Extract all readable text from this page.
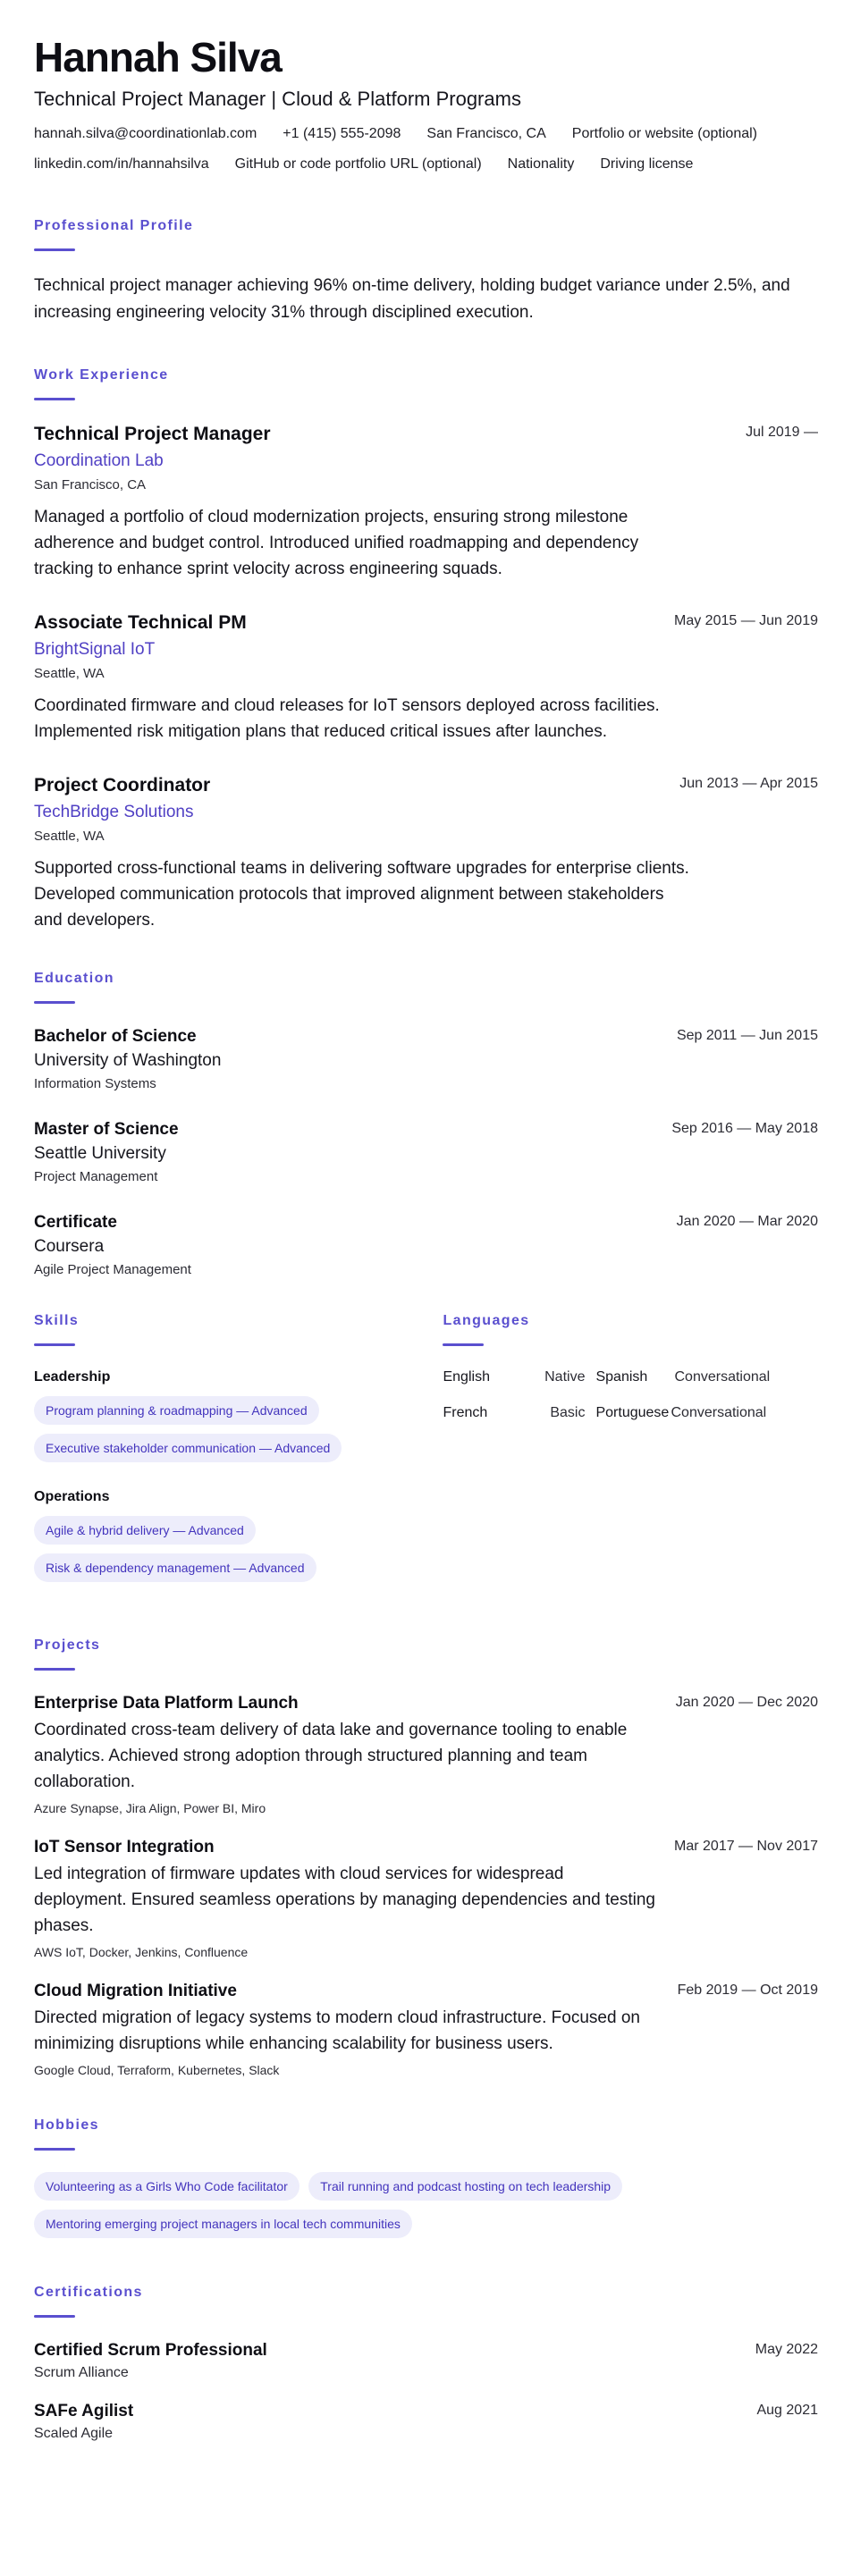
Hannah Silva
Technical Project Manager | Cloud & Platform Programs
hannah.silva@coordinationlab.com +1 (415) 555-2098 San Francisco, CA Portfolio or website (optional)
linkedin.com/in/hannahsilva GitHub or code portfolio URL (optional) Nationality Driving license
Professional Profile

Technical project manager achieving 96% on-time delivery, holding budget variance under 2.5%, and increasing engineering velocity 31% through disciplined execution.

Work Experience
Technical Project Manager
Coordination Lab
San Francisco, CA

Managed a portfolio of cloud modernization projects, ensuring strong milestone adherence and budget control. Introduced unified roadmapping and dependency tracking to enhance sprint velocity across engineering squads.

Jul 2019 —
Associate Technical PM
BrightSignal IoT
Seattle, WA

Coordinated firmware and cloud releases for IoT sensors deployed across facilities. Implemented risk mitigation plans that reduced critical issues after launches.

May 2015 — Jun 2019
Project Coordinator
TechBridge Solutions
Seattle, WA

Supported cross-functional teams in delivering software upgrades for enterprise clients. Developed communication protocols that improved alignment between stakeholders and developers.

Jun 2013 — Apr 2015
Education
Bachelor of Science
University of Washington
Information Systems
Sep 2011 — Jun 2015
Master of Science
Seattle University
Project Management
Sep 2016 — May 2018
Certificate
Coursera
Agile Project Management
Jan 2020 — Mar 2020
Skills
Leadership
Program planning & roadmapping — Advanced
Executive stakeholder communication — Advanced
Operations
Agile & hybrid delivery — Advanced
Risk & dependency management — Advanced
Languages
English	Native Spanish	Conversational
French	Basic Portuguese Conversational
Projects
Enterprise Data Platform Launch

Coordinated cross-team delivery of data lake and governance tooling to enable analytics. Achieved strong adoption through structured planning and team collaboration.

Azure Synapse, Jira Align, Power BI, Miro
Jan 2020 — Dec 2020
IoT Sensor Integration

Led integration of firmware updates with cloud services for widespread deployment. Ensured seamless operations by managing dependencies and testing phases.

AWS IoT, Docker, Jenkins, Confluence
Mar 2017 — Nov 2017
Cloud Migration Initiative

Directed migration of legacy systems to modern cloud infrastructure. Focused on minimizing disruptions while enhancing scalability for business users.

Google Cloud, Terraform, Kubernetes, Slack
Feb 2019 — Oct 2019
Hobbies
Volunteering as a Girls Who Code facilitator	Trail running and podcast hosting on tech leadership
Mentoring emerging project managers in local tech communities
Certifications
Certified Scrum Professional
Scrum Alliance
May 2022
SAFe Agilist
Scaled Agile
Aug 2021
